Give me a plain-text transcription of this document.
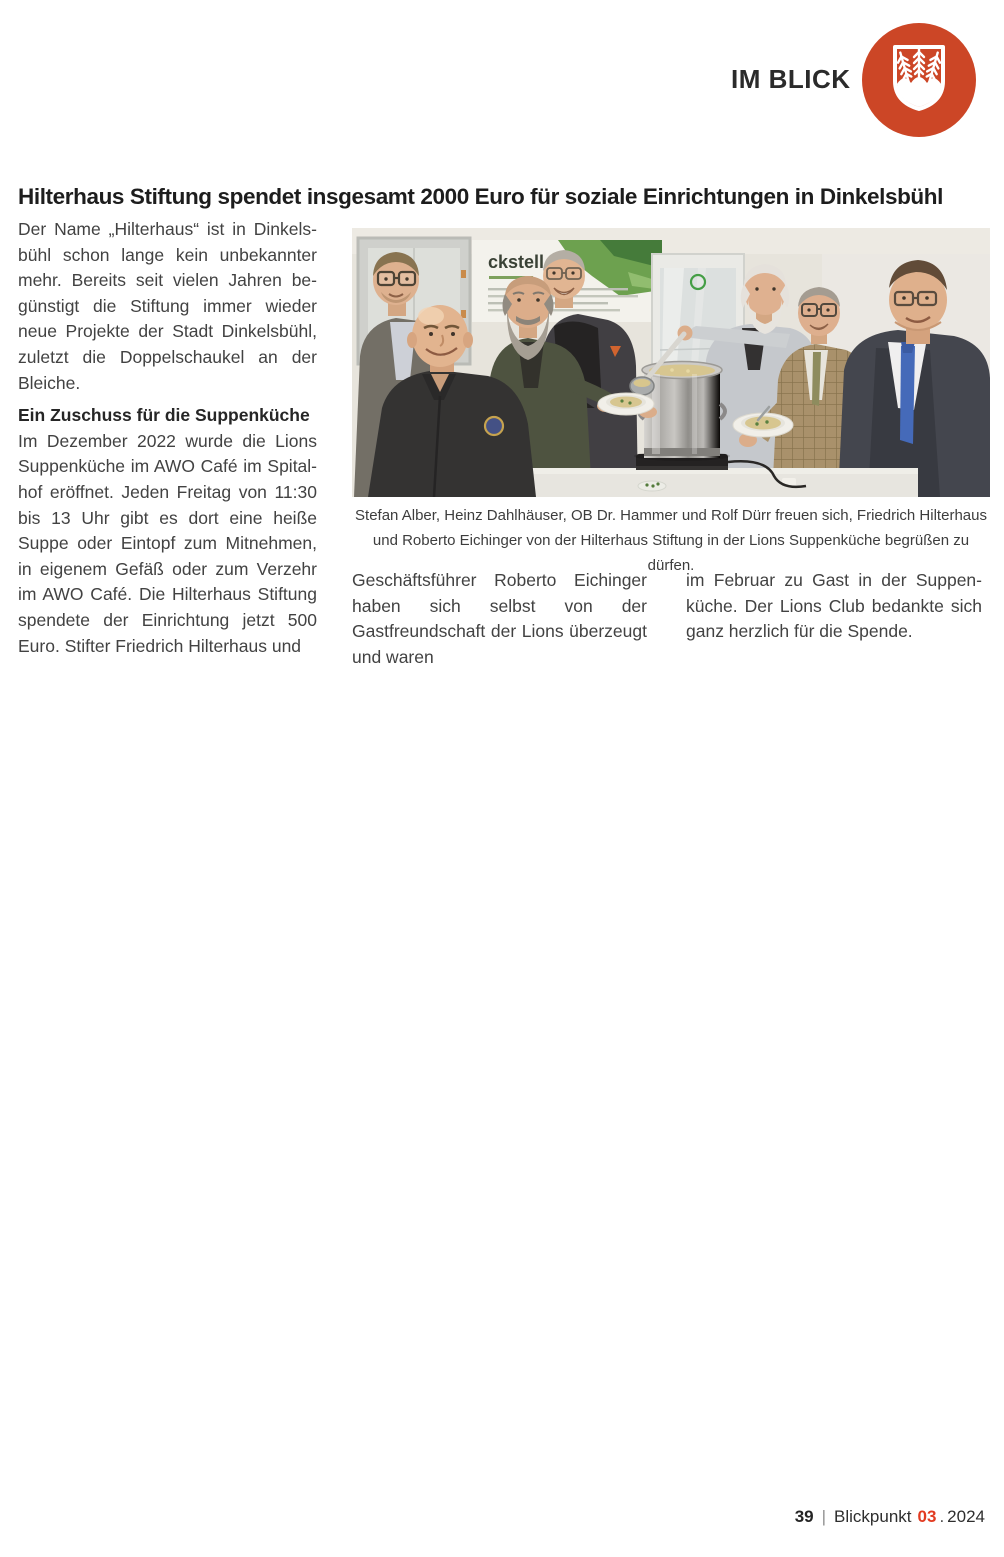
IM BLICK
Hilterhaus Stiftung spendet insgesamt 2000 Euro für soziale Einrichtungen in Dinkelsbühl

Der Name „Hilterhaus“ ist in Dinkelsbühl schon lange kein unbekannter mehr. Bereits seit vielen Jahren begünstigt die Stiftung immer wieder neue Projekte der Stadt Dinkelsbühl, zuletzt die Doppelschaukel an der Bleiche.

Ein Zuschuss für die Suppenküche

Im Dezember 2022 wurde die Lions Suppenküche im AWO Café im Spitalhof eröffnet. Jeden Freitag von 11:30 bis 13 Uhr gibt es dort eine heiße Suppe oder Eintopf zum Mitnehmen, in eigenem Gefäß oder zum Verzehr im AWO Café. Die Hilterhaus Stiftung spendete der Einrichtung jetzt 500 Euro. Stifter Friedrich Hilterhaus und

ckstell
Stefan Alber, Heinz Dahlhäuser, OB Dr. Hammer und Rolf Dürr freuen sich, Friedrich Hilterhaus und Roberto Eichinger von der Hilterhaus Stiftung in der Lions Suppenküche begrüßen zu dürfen.

Geschäftsführer Roberto Eichinger haben sich selbst von der Gastfreundschaft der Lions überzeugt und waren

im Februar zu Gast in der Suppenküche. Der Lions Club bedankte sich ganz herzlich für die Spende.

39 | Blickpunkt 03 . 2024
